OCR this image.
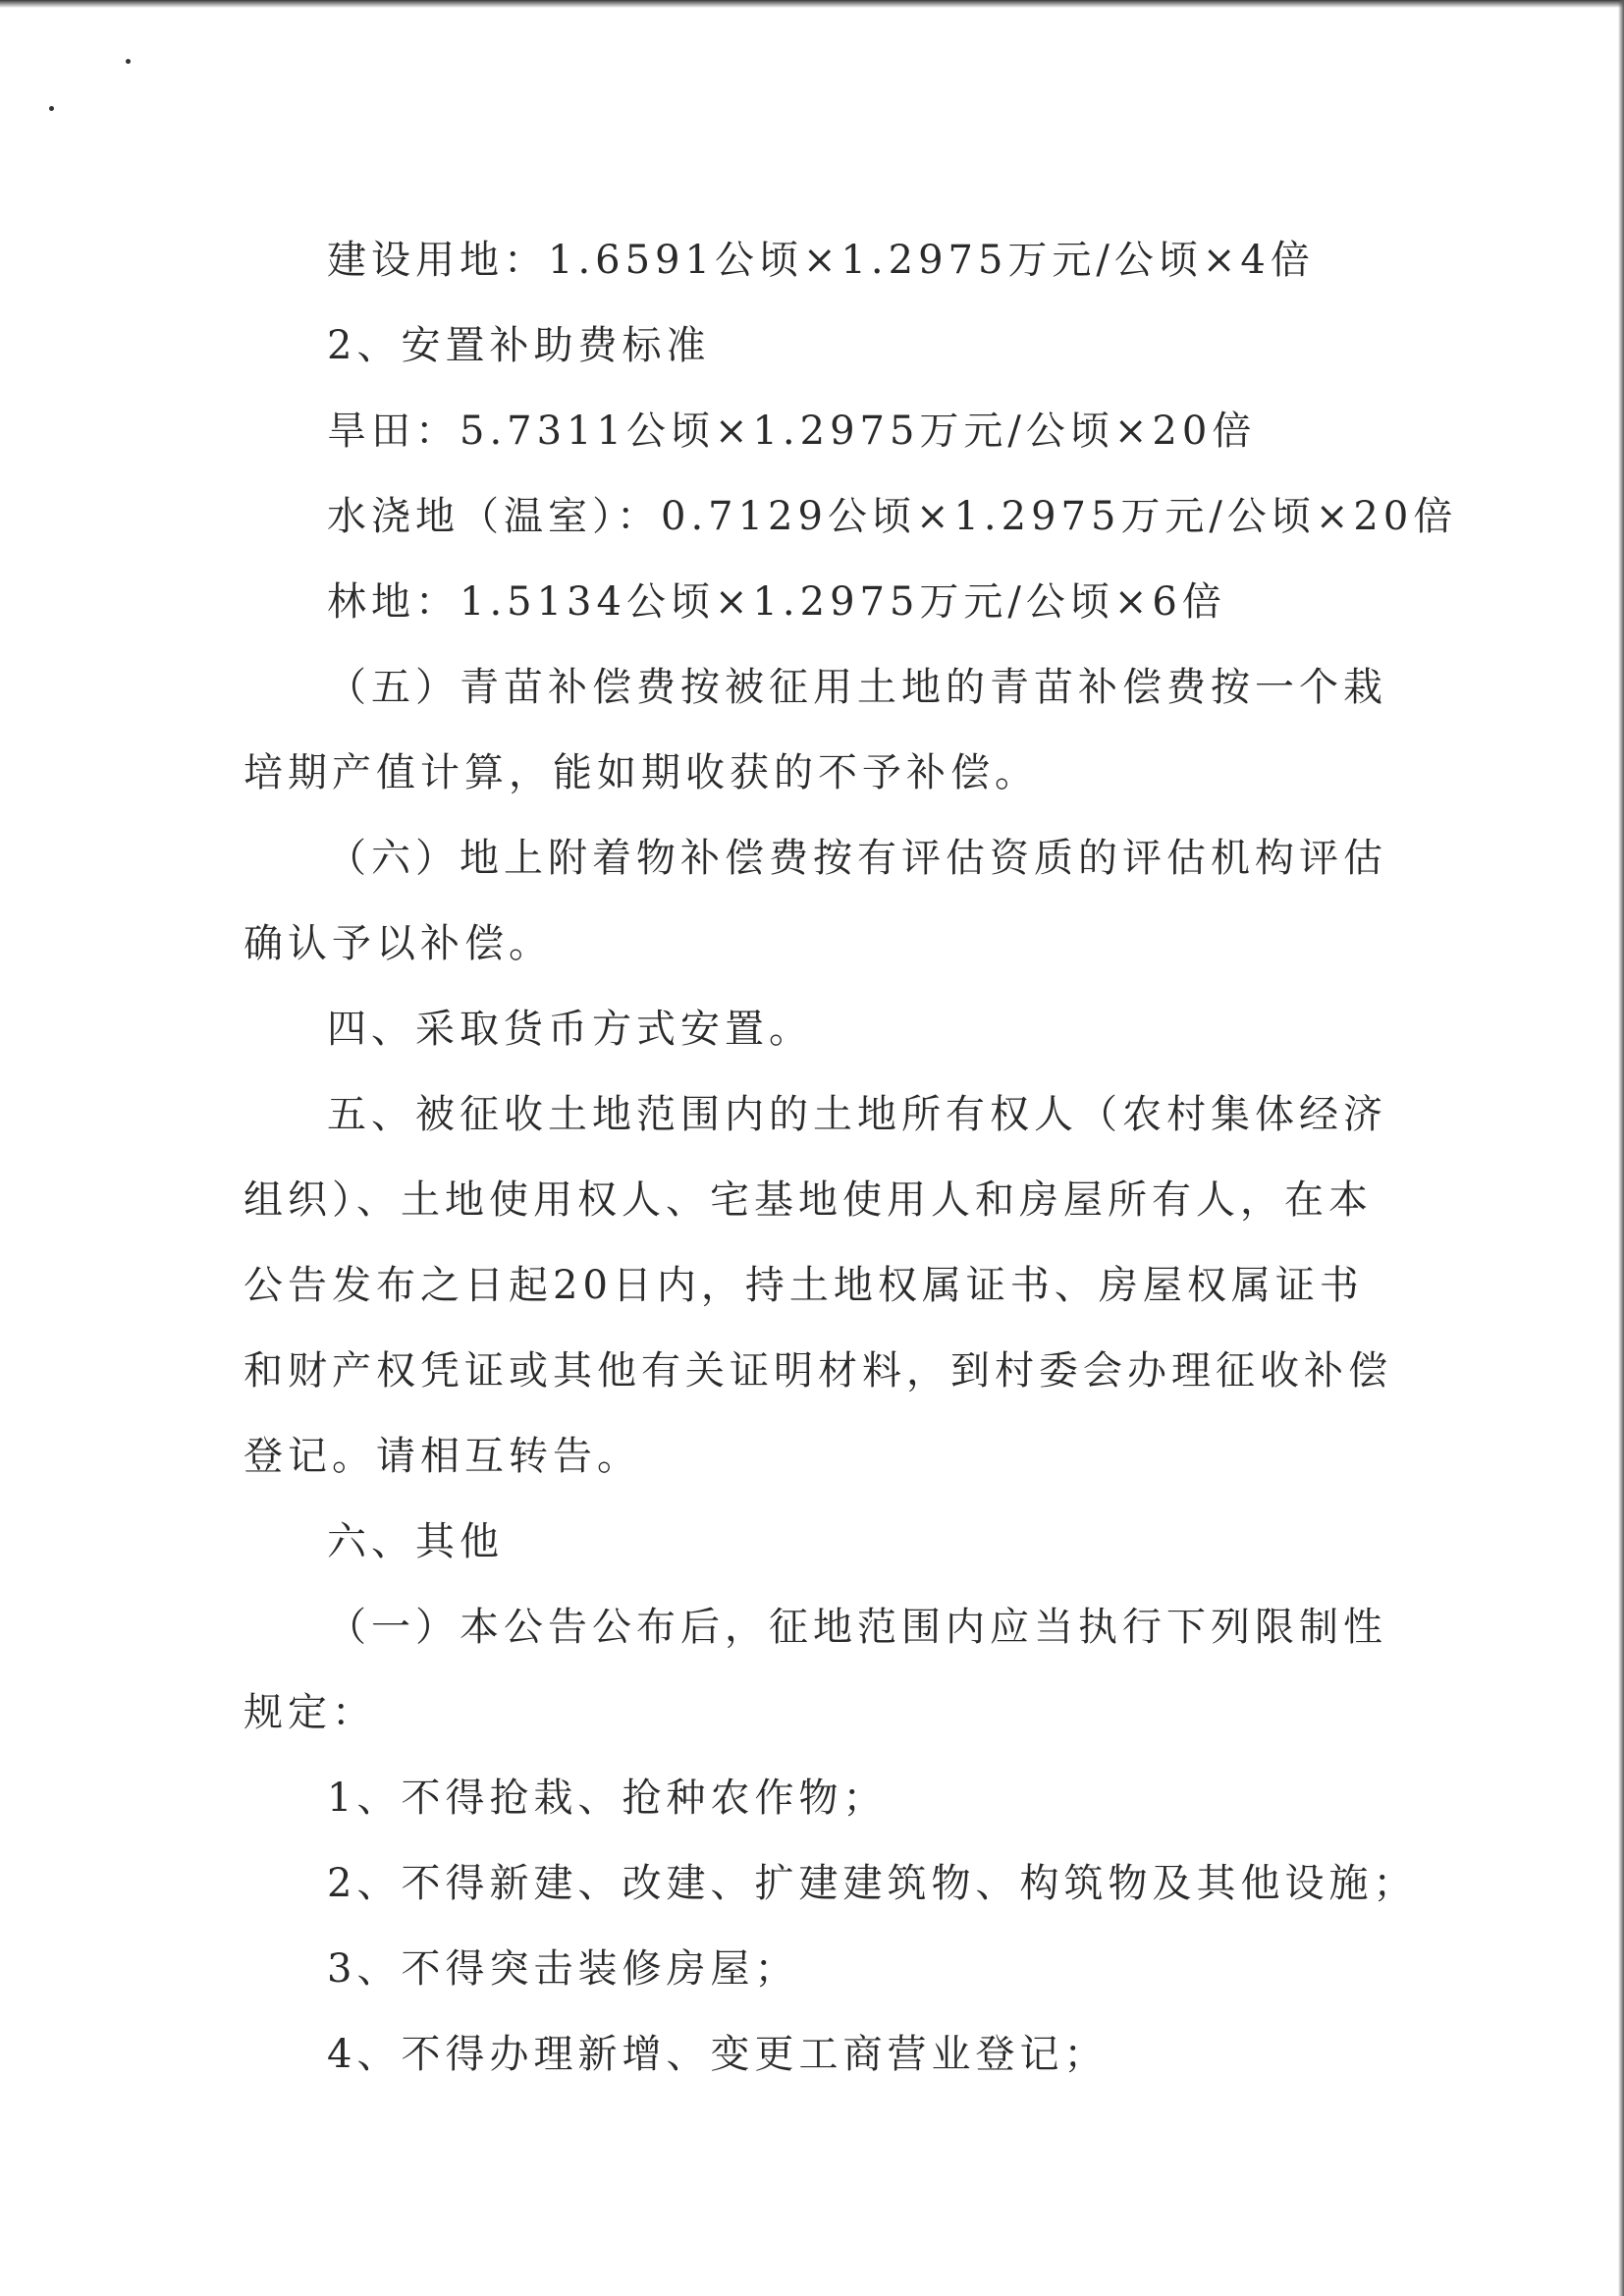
建设用地：1.6591公顷×1.2975万元/公顷×4倍
2、安置补助费标准
旱田：5.7311公顷×1.2975万元/公顷×20倍
水浇地（温室）：0.7129公顷×1.2975万元/公顷×20倍
林地：1.5134公顷×1.2975万元/公顷×6倍
（五）青苗补偿费按被征用土地的青苗补偿费按一个栽
培期产值计算，能如期收获的不予补偿。
（六）地上附着物补偿费按有评估资质的评估机构评估
确认予以补偿。
四、采取货币方式安置。
五、被征收土地范围内的土地所有权人（农村集体经济
组织）、土地使用权人、宅基地使用人和房屋所有人，在本
公告发布之日起20日内，持土地权属证书、房屋权属证书
和财产权凭证或其他有关证明材料，到村委会办理征收补偿
登记。请相互转告。
六、其他
（一）本公告公布后，征地范围内应当执行下列限制性
规定：
1、不得抢栽、抢种农作物；
2、不得新建、改建、扩建建筑物、构筑物及其他设施；
3、不得突击装修房屋；
4、不得办理新增、变更工商营业登记；
